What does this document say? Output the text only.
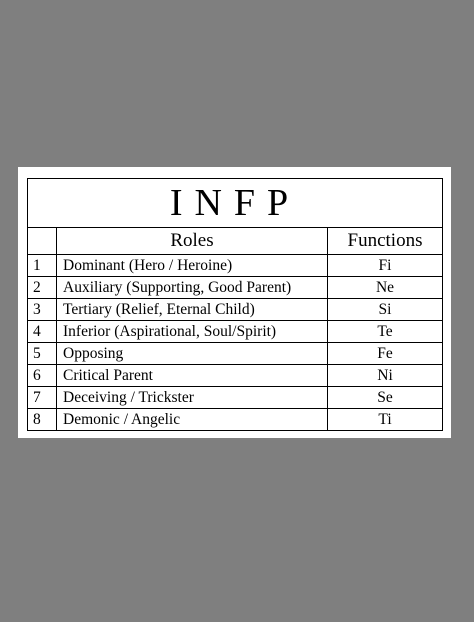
INFP		
	Roles	Functions
1	Dominant (Hero / Heroine)	Fi
2	Auxiliary (Supporting, Good Parent)	Ne
3	Tertiary (Relief, Eternal Child)	Si
4	Inferior (Aspirational, Soul/Spirit)	Te
5	Opposing	Fe
6	Critical Parent	Ni
7	Deceiving / Trickster	Se
8	Demonic / Angelic	Ti
